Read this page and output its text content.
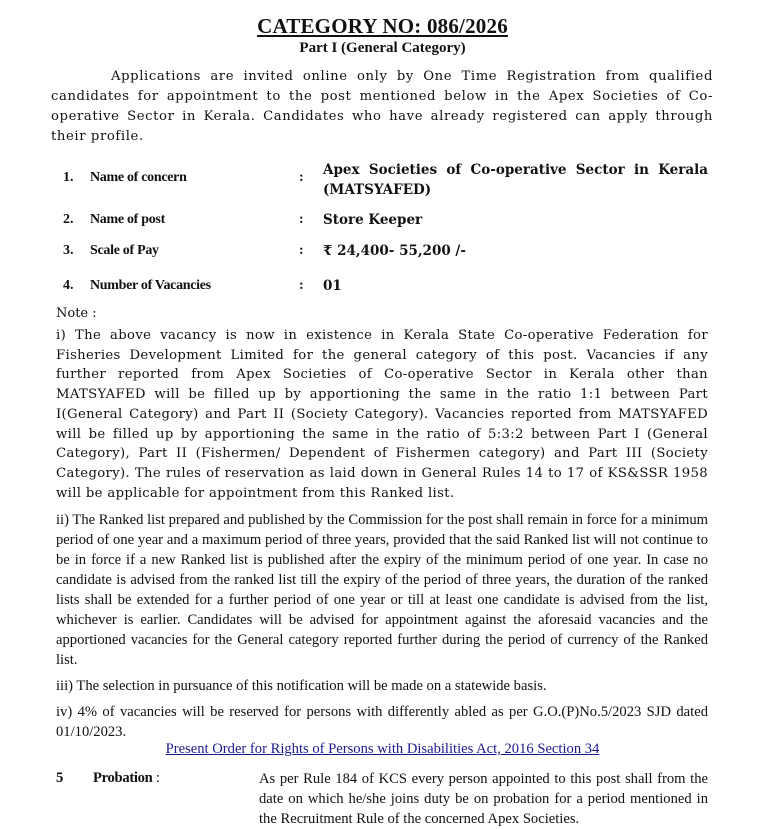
CATEGORY NO: 086/2026
Part I (General Category)
Applications are invited online only by One Time Registration from qualified candidates for appointment to the post mentioned below in the Apex Societies of Co-operative Sector in Kerala. Candidates who have already registered can apply through their profile.
1. Name of concern	: Apex Societies of Co-operative Sector in Kerala (MATSYAFED)
2. Name of post	: Store Keeper
3. Scale of Pay	: ₹ 24,400- 55,200 /-
4. Number of Vacancies	: 01
Note :
i) The above vacancy is now in existence in Kerala State Co-operative Federation for Fisheries Development Limited for the general category of this post. Vacancies if any further reported from Apex Societies of Co-operative Sector in Kerala other than MATSYAFED will be filled up by apportioning the same in the ratio 1:1 between Part I(General Category) and Part II (Society Category). Vacancies reported from MATSYAFED will be filled up by apportioning the same in the ratio of 5:3:2 between Part I (General Category), Part II (Fishermen/ Dependent of Fishermen category) and Part III (Society Category). The rules of reservation as laid down in General Rules 14 to 17 of KS&SSR 1958 will be applicable for appointment from this Ranked list.
ii) The Ranked list prepared and published by the Commission for the post shall remain in force for a minimum period of one year and a maximum period of three years, provided that the said Ranked list will not continue to be in force if a new Ranked list is published after the expiry of the minimum period of one year. In case no candidate is advised from the ranked list till the expiry of the period of three years, the duration of the ranked lists shall be extended for a further period of one year or till at least one candidate is advised from the list, whichever is earlier. Candidates will be advised for appointment against the aforesaid vacancies and the apportioned vacancies for the General category reported further during the period of currency of the Ranked list.
iii) The selection in pursuance of this notification will be made on a statewide basis.
iv) 4% of vacancies will be reserved for persons with differently abled as per G.O.(P)No.5/2023 SJD dated 01/10/2023.
Present Order for Rights of Persons with Disabilities Act, 2016 Section 34
5 Probation :	As per Rule 184 of KCS every person appointed to this post shall from the date on which he/she joins duty be on probation for a period mentioned in the Recruitment Rule of the concerned Apex Societies.
